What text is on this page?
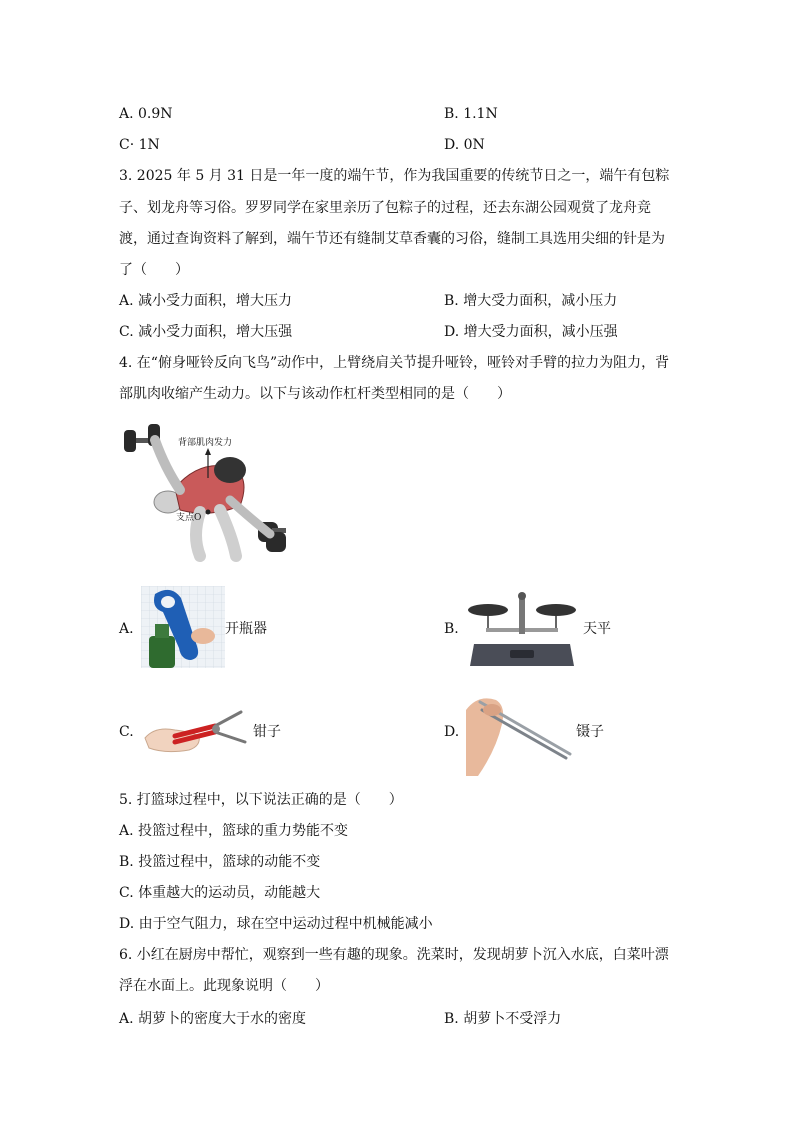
A. 0.9N	B. 1.1N
C· 1N	D. 0N
3. 2025 年 5 月 31 日是一年一度的端午节，作为我国重要的传统节日之一，端午有包粽
子、划龙舟等习俗。罗罗同学在家里亲历了包粽子的过程，还去东湖公园观赏了龙舟竞
渡，通过查询资料了解到，端午节还有缝制艾草香囊的习俗，缝制工具选用尖细的针是为
了（　　）
A. 减小受力面积，增大压力	B. 增大受力面积，减小压力
C. 减小受力面积，增大压强	D. 增大受力面积，减小压强
4. 在“俯身哑铃反向飞鸟”动作中，上臂绕肩关节提升哑铃，哑铃对手臂的拉力为阻力，背
部肌肉收缩产生动力。以下与该动作杠杆类型相同的是（　　）
背部肌肉发力
支点O
A.	开瓶器	B.	天平
C.	钳子	D.	镊子
5. 打篮球过程中，以下说法正确的是（　　）
A. 投篮过程中，篮球的重力势能不变
B. 投篮过程中，篮球的动能不变
C. 体重越大的运动员，动能越大
D. 由于空气阻力，球在空中运动过程中机械能减小
6. 小红在厨房中帮忙，观察到一些有趣的现象。洗菜时，发现胡萝卜沉入水底，白菜叶漂
浮在水面上。此现象说明（　　）
A. 胡萝卜的密度大于水的密度	B. 胡萝卜不受浮力
